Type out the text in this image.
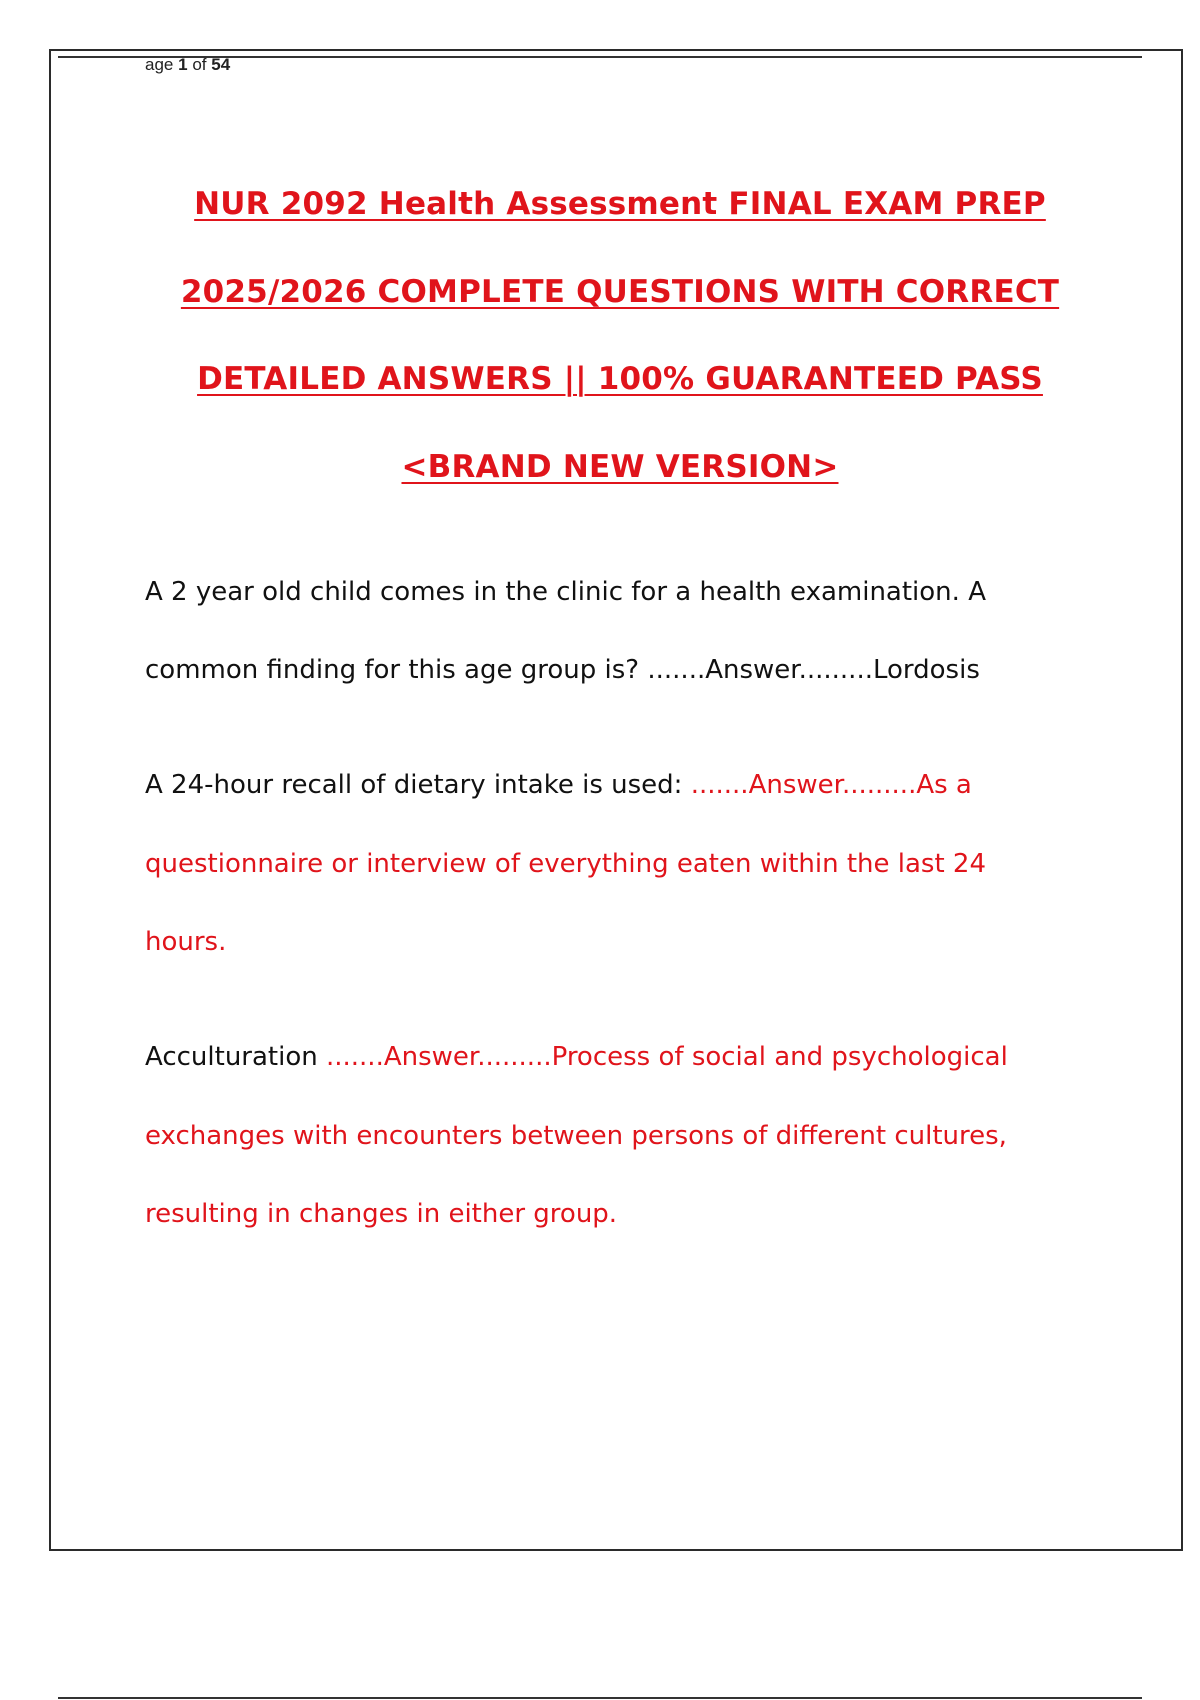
age 1 of 54
NUR 2092 Health Assessment FINAL EXAM PREP
2025/2026 COMPLETE QUESTIONS WITH CORRECT
DETAILED ANSWERS || 100% GUARANTEED PASS
<BRAND NEW VERSION>
A 2 year old child comes in the clinic for a health examination. A
common finding for this age group is? .......Answer.........Lordosis
A 24-hour recall of dietary intake is used: .......Answer.........As a
questionnaire or interview of everything eaten within the last 24
hours.
Acculturation .......Answer.........Process of social and psychological
exchanges with encounters between persons of different cultures,
resulting in changes in either group.
